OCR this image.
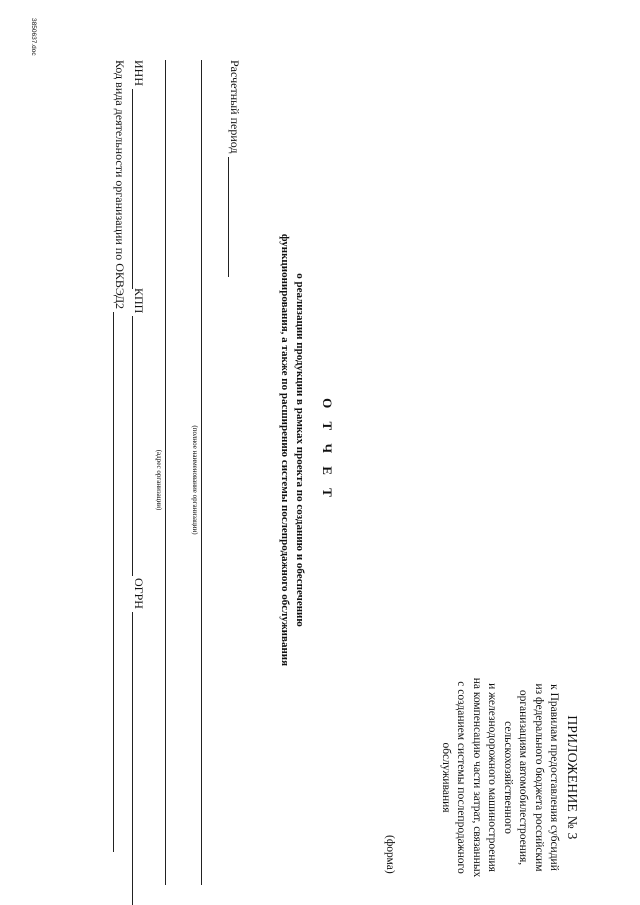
ПРИЛОЖЕНИЕ № 3
к Правилам предоставления субсидий
из федерального бюджета российским
организациям автомобилестроения,
сельскохозяйственного
и железнодорожного машиностроения
на компенсацию части затрат, связанных
с созданием системы послепродажного
обслуживания
(форма)
О Т Ч Е Т
о реализации продукции в рамках проекта по созданию и обеспечению
функционирования, а также по расширению системы послепродажного обслуживания
Расчетный период
(полное наименование организации)
(адрес организации)
ИНН
КПП
ОГРН
Код вида деятельности организации по ОКВЭД2
3850637.doc
